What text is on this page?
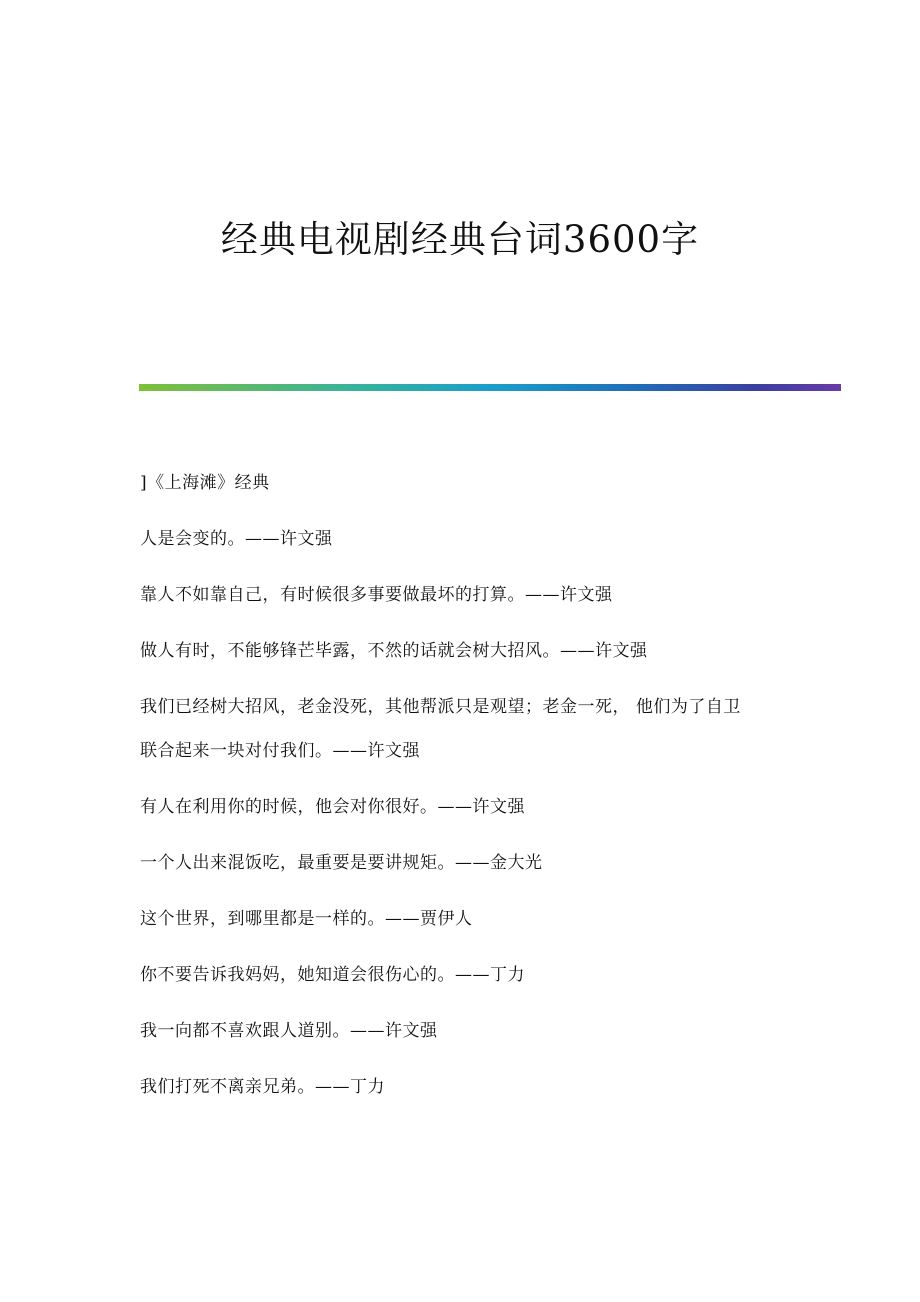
经典电视剧经典台词3600字

]《上海滩》经典

人是会变的。——许文强

靠人不如靠自己，有时候很多事要做最坏的打算。——许文强

做人有时，不能够锋芒毕露，不然的话就会树大招风。——许文强

我们已经树大招风，老金没死，其他帮派只是观望；老金一死， 他们为了自卫

联合起来一块对付我们。——许文强

有人在利用你的时候，他会对你很好。——许文强

一个人出来混饭吃，最重要是要讲规矩。——金大光

这个世界，到哪里都是一样的。——贾伊人

你不要告诉我妈妈，她知道会很伤心的。——丁力

我一向都不喜欢跟人道别。——许文强

我们打死不离亲兄弟。——丁力
